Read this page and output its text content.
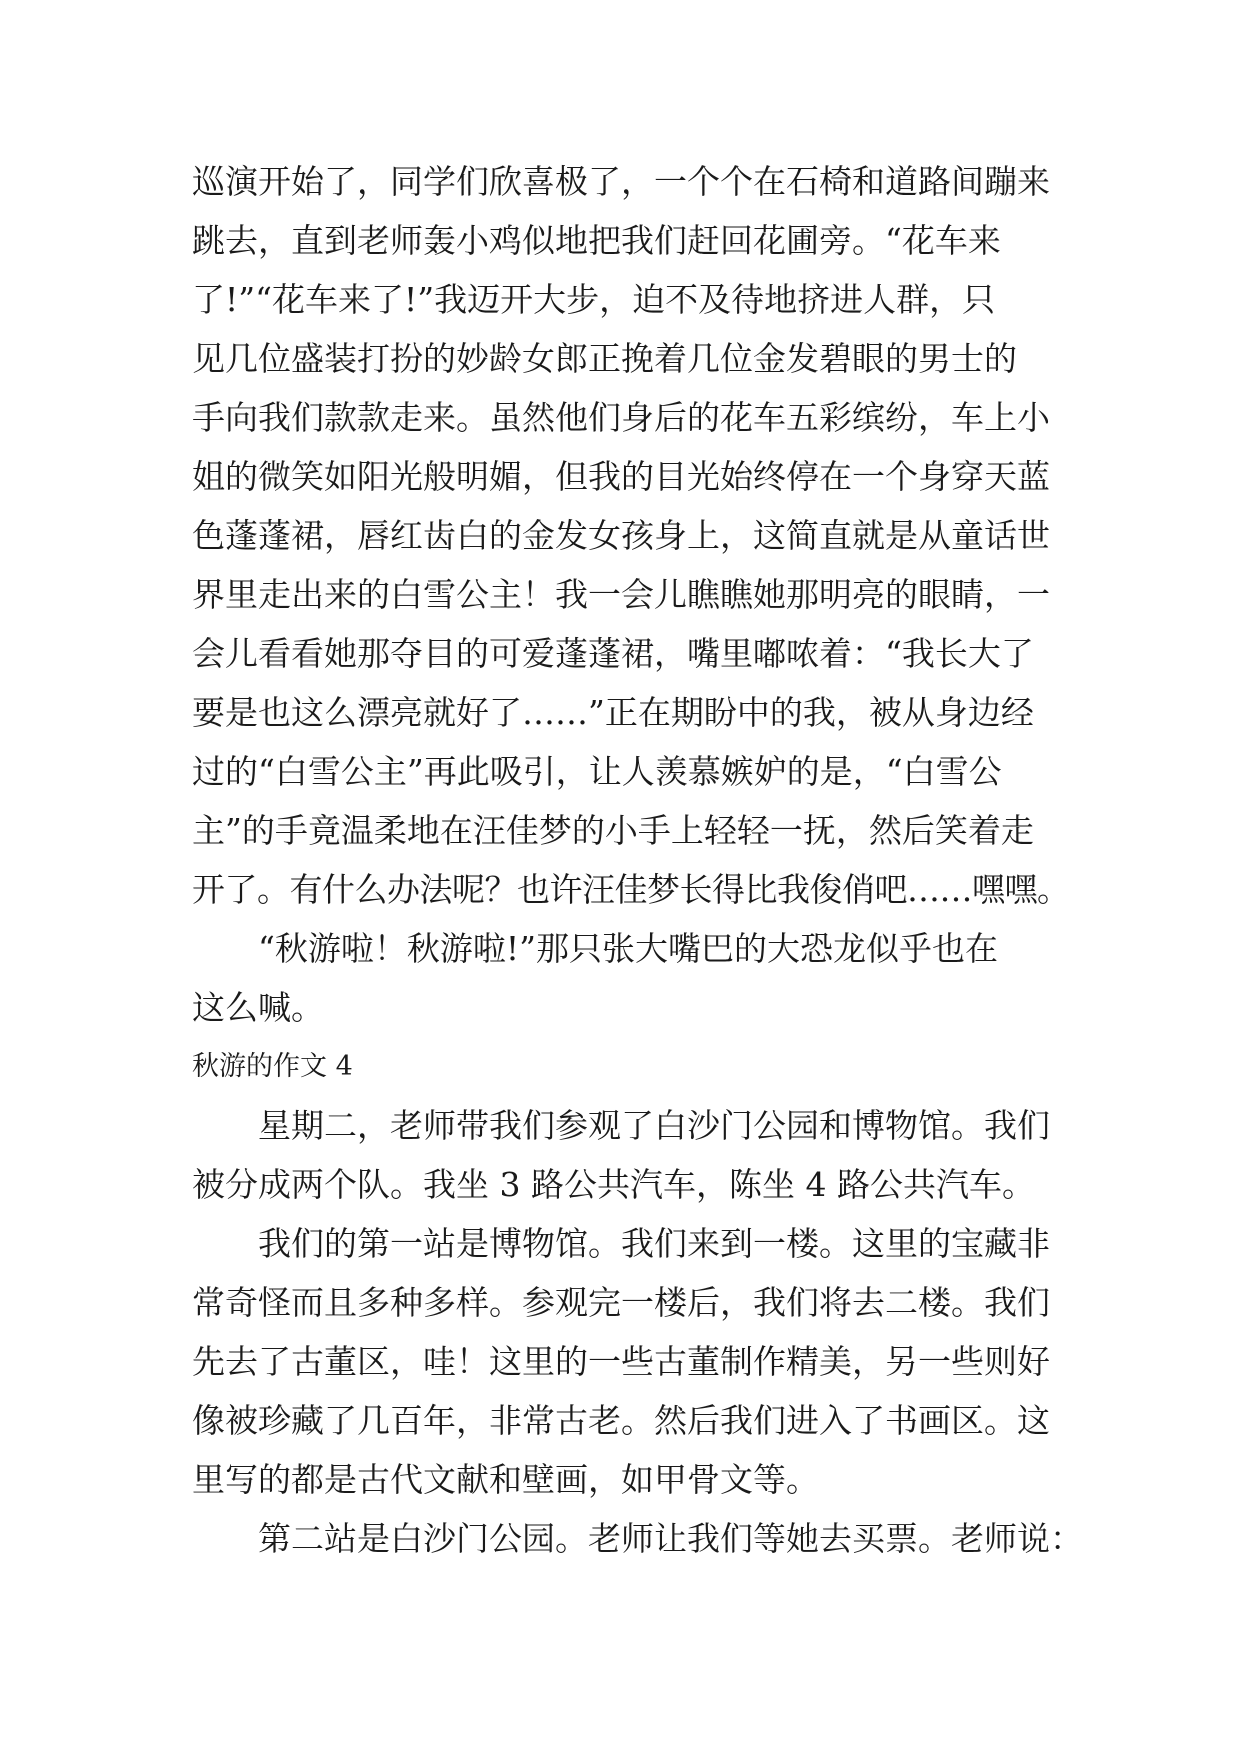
巡演开始了，同学们欣喜极了，一个个在石椅和道路间蹦来
跳去，直到老师轰小鸡似地把我们赶回花圃旁。“花车来
了!”“花车来了!”我迈开大步，迫不及待地挤进人群，只
见几位盛装打扮的妙龄女郎正挽着几位金发碧眼的男士的
手向我们款款走来。虽然他们身后的花车五彩缤纷，车上小
姐的微笑如阳光般明媚，但我的目光始终停在一个身穿天蓝
色蓬蓬裙，唇红齿白的金发女孩身上，这简直就是从童话世
界里走出来的白雪公主！我一会儿瞧瞧她那明亮的眼睛，一
会儿看看她那夺目的可爱蓬蓬裙，嘴里嘟哝着：“我长大了
要是也这么漂亮就好了……”正在期盼中的我，被从身边经
过的“白雪公主”再此吸引，让人羡慕嫉妒的是，“白雪公
主”的手竟温柔地在汪佳梦的小手上轻轻一抚，然后笑着走
开了。有什么办法呢？也许汪佳梦长得比我俊俏吧……嘿嘿。
“秋游啦！秋游啦!”那只张大嘴巴的大恐龙似乎也在
这么喊。
秋游的作文 4
星期二，老师带我们参观了白沙门公园和博物馆。我们
被分成两个队。我坐 3 路公共汽车，陈坐 4 路公共汽车。
我们的第一站是博物馆。我们来到一楼。这里的宝藏非
常奇怪而且多种多样。参观完一楼后，我们将去二楼。我们
先去了古董区，哇！这里的一些古董制作精美，另一些则好
像被珍藏了几百年，非常古老。然后我们进入了书画区。这
里写的都是古代文献和壁画，如甲骨文等。
第二站是白沙门公园。老师让我们等她去买票。老师说：
